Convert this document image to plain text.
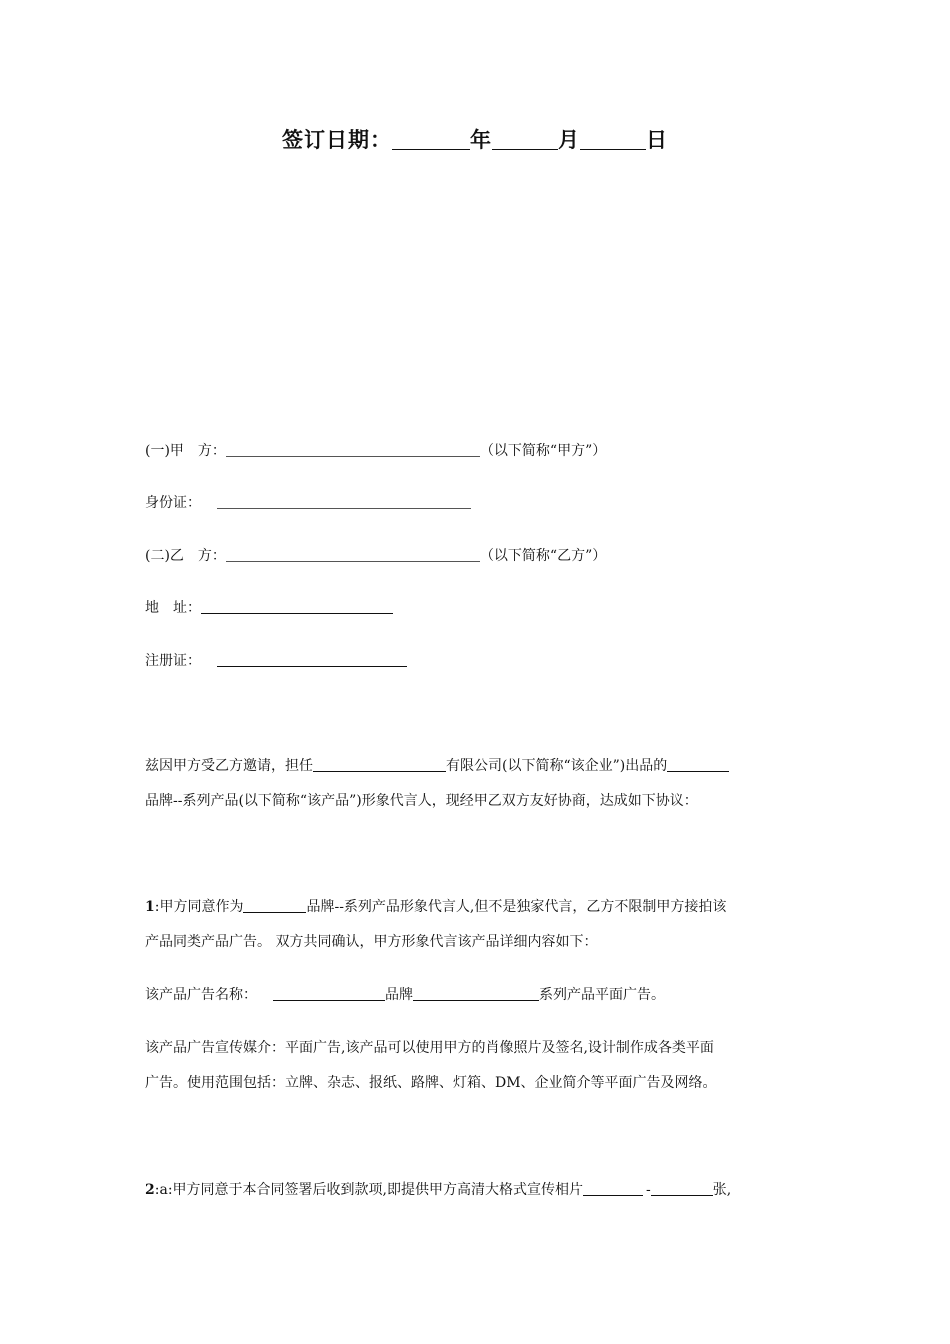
签订日期：	年	月	日
(一)甲　方：	（以下简称“甲方”）
身份证：
(二)乙　方：	（以下简称“乙方”）
地　址：
注册证：
兹因甲方受乙方邀请，担任	有限公司(以下简称“该企业”)出品的
品牌--系列产品(以下简称“该产品”)形象代言人，现经甲乙双方友好协商，达成如下协议：
1:甲方同意作为	品牌--系列产品形象代言人,但不是独家代言，乙方不限制甲方接拍该
产品同类产品广告。 双方共同确认，甲方形象代言该产品详细内容如下：
该产品广告名称：	品牌	系列产品平面广告。
该产品广告宣传媒介：平面广告,该产品可以使用甲方的肖像照片及签名,设计制作成各类平面
广告。使用范围包括：立牌、杂志、报纸、路牌、灯箱、DM、企业简介等平面广告及网络。
2:a:甲方同意于本合同签署后收到款项,即提供甲方高清大格式宣传相片	-	张,
